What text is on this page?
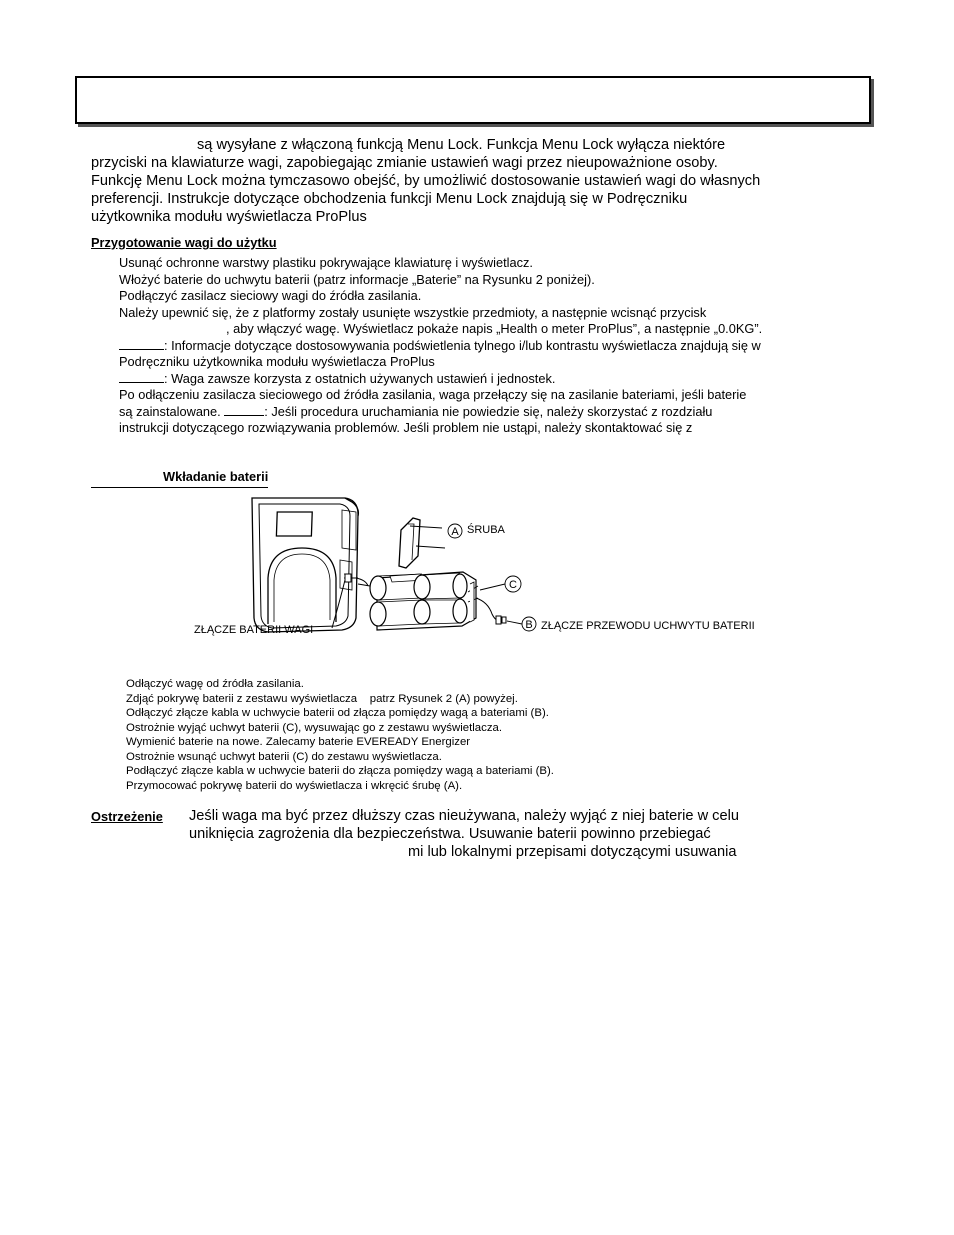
są wysyłane z włączoną funkcją Menu Lock. Funkcja Menu Lock wyłącza niektóre
przyciski na klawiaturze wagi, zapobiegając zmianie ustawień wagi przez nieupoważnione osoby.
Funkcję Menu Lock można tymczasowo obejść, by umożliwić dostosowanie ustawień wagi do własnych
preferencji. Instrukcje dotyczące obchodzenia funkcji Menu Lock znajdują się w Podręczniku
użytkownika modułu wyświetlacza ProPlus
Przygotowanie wagi do użytku
Usunąć ochronne warstwy plastiku pokrywające klawiaturę i wyświetlacz.
Włożyć baterie do uchwytu baterii (patrz informacje „Baterie” na Rysunku 2 poniżej).
Podłączyć zasilacz sieciowy wagi do źródła zasilania.
Należy upewnić się, że z platformy zostały usunięte wszystkie przedmioty, a następnie wcisnąć przycisk
, aby włączyć wagę. Wyświetlacz pokaże napis „Health o meter ProPlus”, a następnie „0.0KG”.
: Informacje dotyczące dostosowywania podświetlenia tylnego i/lub kontrastu wyświetlacza znajdują się w
Podręczniku użytkownika modułu wyświetlacza ProPlus
: Waga zawsze korzysta z ostatnich używanych ustawień i jednostek.
Po odłączeniu zasilacza sieciowego od źródła zasilania, waga przełączy się na zasilanie bateriami, jeśli baterie
są zainstalowane.	: Jeśli procedura uruchamiania nie powiedzie się, należy skorzystać z rozdziału
instrukcji dotyczącego rozwiązywania problemów. Jeśli problem nie ustąpi, należy skontaktować się z
Wkładanie baterii
A ŚRUBA
C
B ZŁĄCZE PRZEWODU UCHWYTU BATERII
ZŁĄCZE BATERII WAGI
Odłączyć wagę od źródła zasilania.
Zdjąć pokrywę baterii z zestawu wyświetlacza patrz Rysunek 2 (A) powyżej.
Odłączyć złącze kabla w uchwycie baterii od złącza pomiędzy wagą a bateriami (B).
Ostrożnie wyjąć uchwyt baterii (C), wysuwając go z zestawu wyświetlacza.
Wymienić baterie na nowe. Zalecamy baterie EVEREADY Energizer
Ostrożnie wsunąć uchwyt baterii (C) do zestawu wyświetlacza.
Podłączyć złącze kabla w uchwycie baterii do złącza pomiędzy wagą a bateriami (B).
Przymocować pokrywę baterii do wyświetlacza i wkręcić śrubę (A).
Ostrzeżenie Jeśli waga ma być przez dłuższy czas nieużywana, należy wyjąć z niej baterie w celu
uniknięcia zagrożenia dla bezpieczeństwa. Usuwanie baterii powinno przebiegać
mi lub lokalnymi przepisami dotyczącymi usuwania
